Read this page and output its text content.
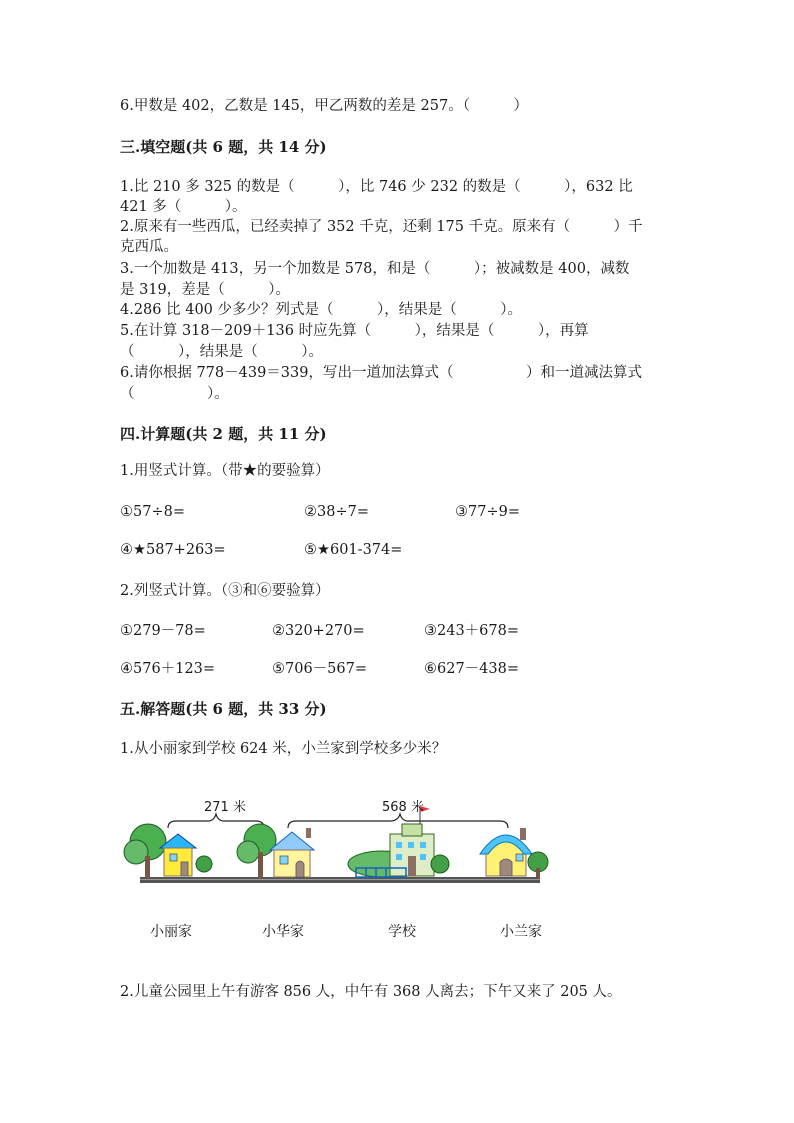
6.甲数是 402，乙数是 145，甲乙两数的差是 257。（　　　）
三.填空题(共 6 题，共 14 分)
1.比 210 多 325 的数是（　　　），比 746 少 232 的数是（　　　），632 比
421 多（　　　）。
2.原来有一些西瓜，已经卖掉了 352 千克，还剩 175 千克。原来有（　　　）千
克西瓜。
3.一个加数是 413，另一个加数是 578，和是（　　　）；被减数是 400，减数
是 319，差是（　　　）。
4.286 比 400 少多少？列式是（　　　），结果是（　　　）。
5.在计算 318－209＋136 时应先算（　　　），结果是（　　　），再算
（　　　），结果是（　　　）。
6.请你根据 778－439＝339，写出一道加法算式（　　　　　）和一道减法算式
（　　　　　）。
四.计算题(共 2 题，共 11 分)
1.用竖式计算。（带★的要验算）
①57÷8=	②38÷7=	③77÷9=
④★587+263=	⑤★601-374=
2.列竖式计算。（③和⑥要验算）
①279－78=	②320+270=	③243＋678=
④576＋123=	⑤706－567=	⑥627－438=
五.解答题(共 6 题，共 33 分)
1.从小丽家到学校 624 米，小兰家到学校多少米？
271 米	568 米
小丽家	小华家	学校	小兰家
2.儿童公园里上午有游客 856 人，中午有 368 人离去；下午又来了 205 人。
